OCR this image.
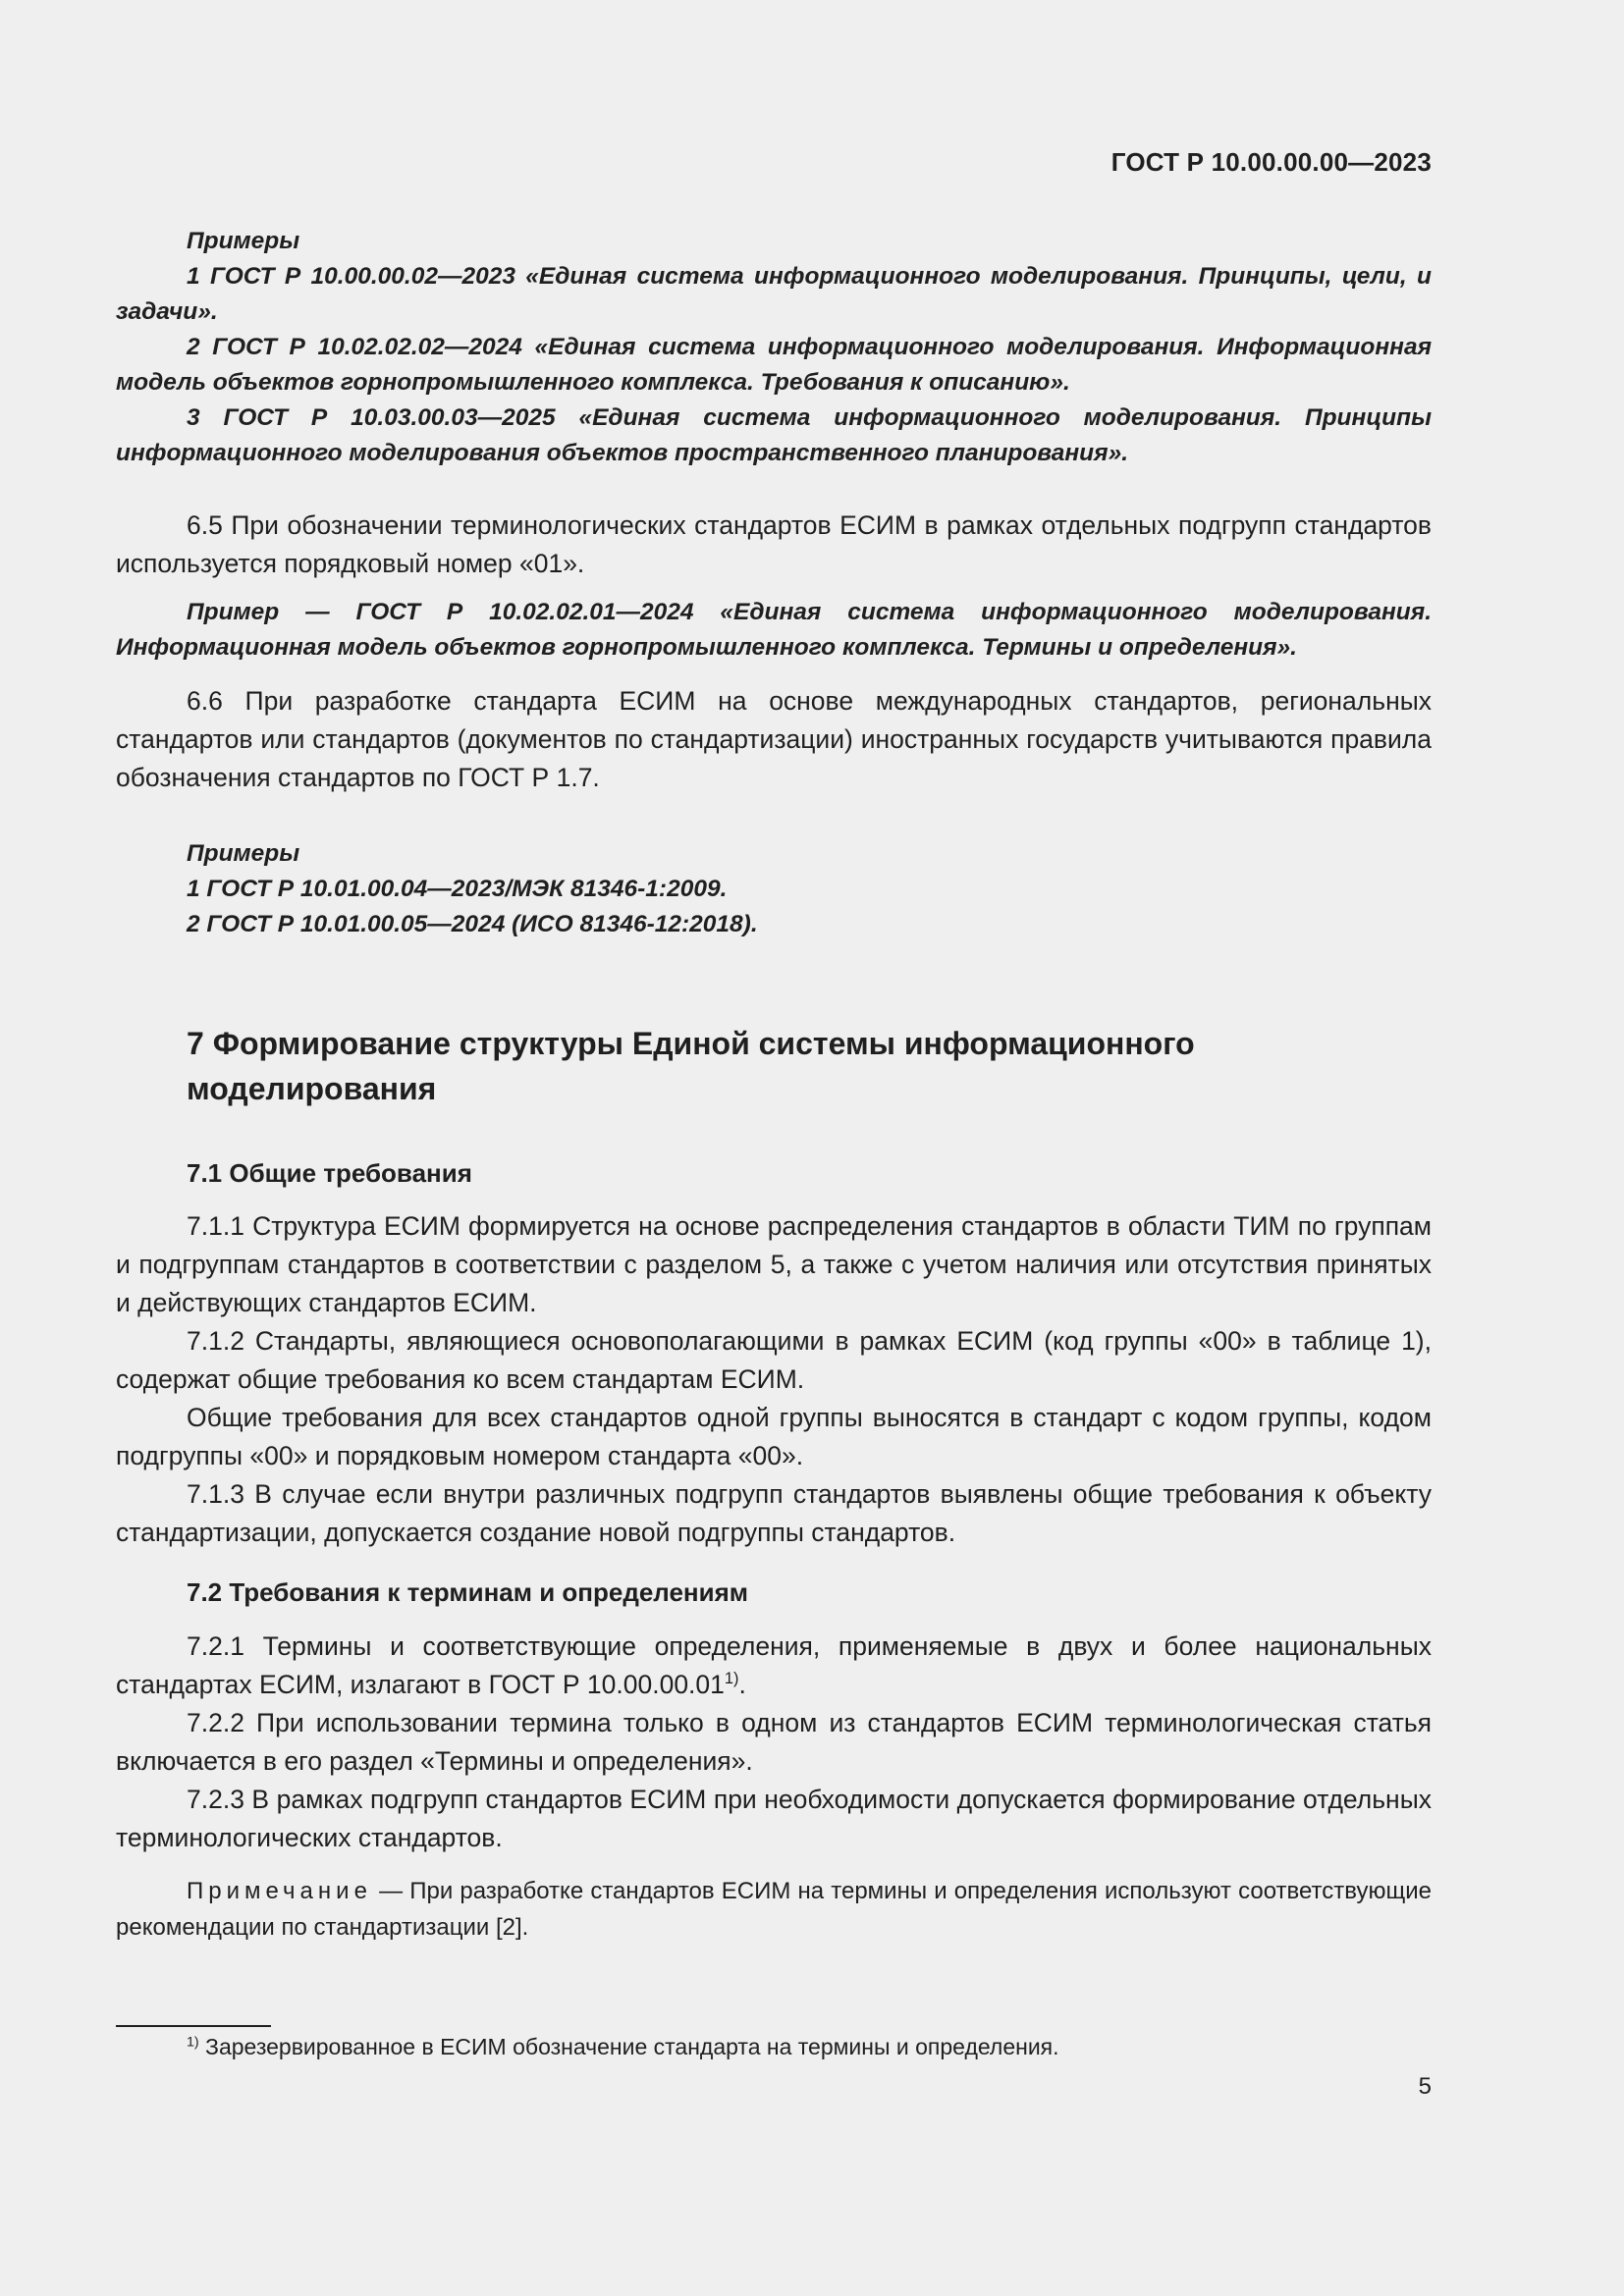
ГОСТ Р 10.00.00.00—2023

Примеры

1 ГОСТ Р 10.00.00.02—2023 «Единая система информационного моделирования. Принципы, цели, и задачи».

2 ГОСТ Р 10.02.02.02—2024 «Единая система информационного моделирования. Информационная модель объектов горнопромышленного комплекса. Требования к описанию».

3 ГОСТ Р 10.03.00.03—2025 «Единая система информационного моделирования. Принципы информационного моделирования объектов пространственного планирования».

6.5 При обозначении терминологических стандартов ЕСИМ в рамках отдельных подгрупп стандартов используется порядковый номер «01».

Пример — ГОСТ Р 10.02.02.01—2024 «Единая система информационного моделирования. Информационная модель объектов горнопромышленного комплекса. Термины и определения».

6.6 При разработке стандарта ЕСИМ на основе международных стандартов, региональных стандартов или стандартов (документов по стандартизации) иностранных государств учитываются правила обозначения стандартов по ГОСТ Р 1.7.

Примеры

1 ГОСТ Р 10.01.00.04—2023/МЭК 81346-1:2009.

2 ГОСТ Р 10.01.00.05—2024 (ИСО 81346-12:2018).

7 Формирование структуры Единой системы информационного моделирования
7.1 Общие требования

7.1.1 Структура ЕСИМ формируется на основе распределения стандартов в области ТИМ по группам и подгруппам стандартов в соответствии с разделом 5, а также с учетом наличия или отсутствия принятых и действующих стандартов ЕСИМ.

7.1.2 Стандарты, являющиеся основополагающими в рамках ЕСИМ (код группы «00» в таблице 1), содержат общие требования ко всем стандартам ЕСИМ.

Общие требования для всех стандартов одной группы выносятся в стандарт с кодом группы, кодом подгруппы «00» и порядковым номером стандарта «00».

7.1.3 В случае если внутри различных подгрупп стандартов выявлены общие требования к объекту стандартизации, допускается создание новой подгруппы стандартов.

7.2 Требования к терминам и определениям

7.2.1 Термины и соответствующие определения, применяемые в двух и более национальных стандартах ЕСИМ, излагают в ГОСТ Р 10.00.00.01$^{1)}$.

7.2.2 При использовании термина только в одном из стандартов ЕСИМ терминологическая статья включается в его раздел «Термины и определения».

7.2.3 В рамках подгрупп стандартов ЕСИМ при необходимости допускается формирование отдельных терминологических стандартов.

Примечание — При разработке стандартов ЕСИМ на термины и определения используют соответствующие рекомендации по стандартизации [2].

$^{1)}$ Зарезервированное в ЕСИМ обозначение стандарта на термины и определения.
5
